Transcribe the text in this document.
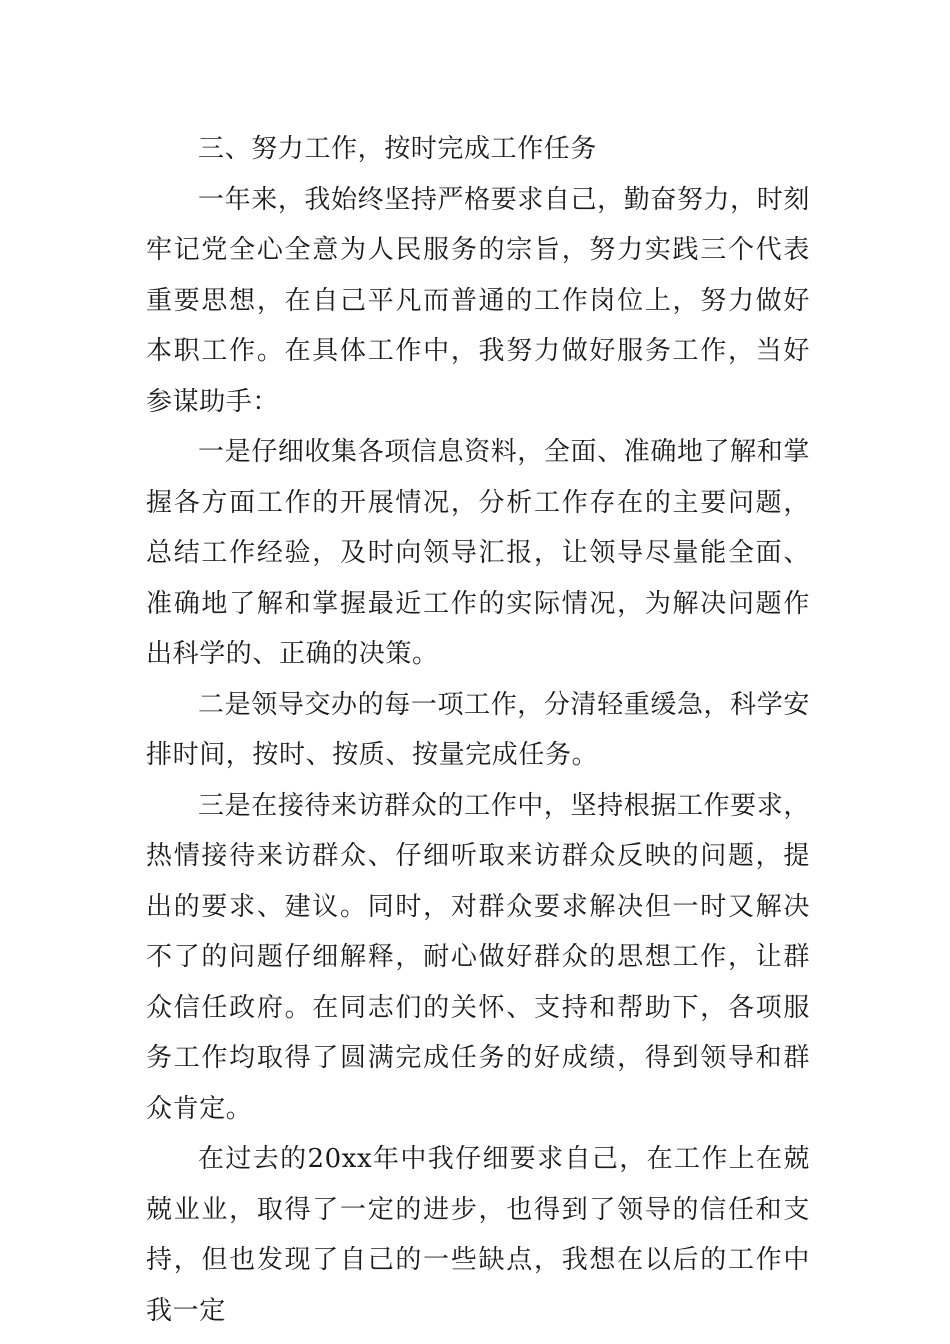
三、努力工作，按时完成工作任务

一年来，我始终坚持严格要求自己，勤奋努力，时刻牢记党全心全意为人民服务的宗旨，努力实践三个代表重要思想，在自己平凡而普通的工作岗位上，努力做好本职工作。在具体工作中，我努力做好服务工作，当好参谋助手：

一是仔细收集各项信息资料，全面、准确地了解和掌握各方面工作的开展情况，分析工作存在的主要问题，总结工作经验，及时向领导汇报，让领导尽量能全面、准确地了解和掌握最近工作的实际情况，为解决问题作出科学的、正确的决策。

二是领导交办的每一项工作，分清轻重缓急，科学安排时间，按时、按质、按量完成任务。

三是在接待来访群众的工作中，坚持根据工作要求，热情接待来访群众、仔细听取来访群众反映的问题，提出的要求、建议。同时，对群众要求解决但一时又解决不了的问题仔细解释，耐心做好群众的思想工作，让群众信任政府。在同志们的关怀、支持和帮助下，各项服务工作均取得了圆满完成任务的好成绩，得到领导和群众肯定。

在过去的20xx年中我仔细要求自己，在工作上在兢兢业业，取得了一定的进步，也得到了领导的信任和支持，但也发现了自己的一些缺点，我想在以后的工作中我一定
